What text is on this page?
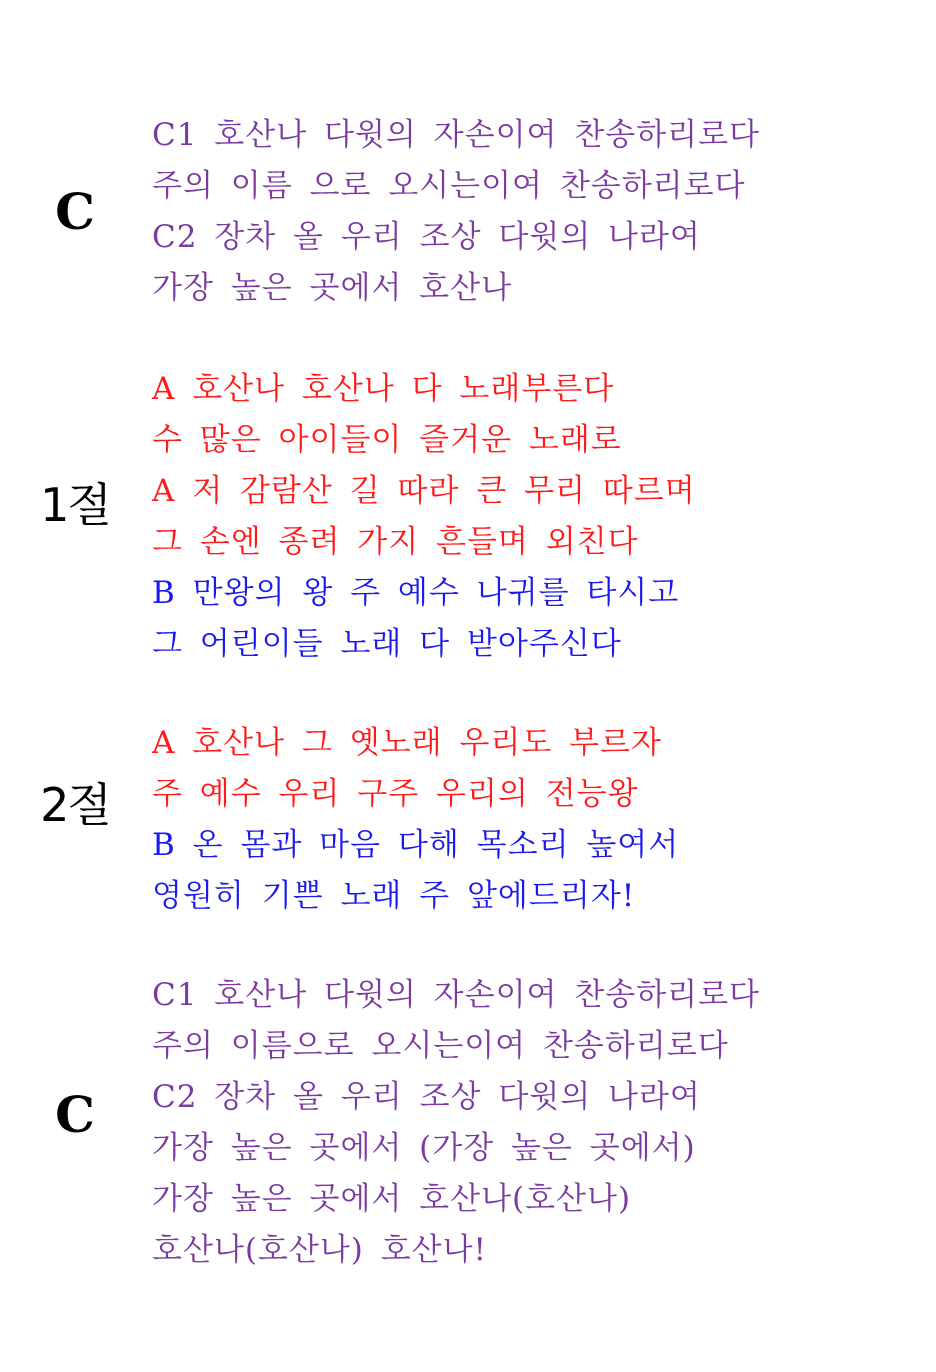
C
C1 호산나 다윗의 자손이여 찬송하리로다
주의 이름 으로 오시는이여 찬송하리로다
C2 장차 올 우리 조상 다윗의 나라여
가장 높은 곳에서 호산나
1절
A 호산나 호산나 다 노래부른다
수 많은 아이들이 즐거운 노래로
A 저 감람산 길 따라 큰 무리 따르며
그 손엔 종려 가지 흔들며 외친다
B 만왕의 왕 주 예수 나귀를 타시고
그 어린이들 노래 다 받아주신다
2절
A 호산나 그 옛노래 우리도 부르자
주 예수 우리 구주 우리의 전능왕
B 온 몸과 마음 다해 목소리 높여서
영원히 기쁜 노래 주 앞에드리자!
C
C1 호산나 다윗의 자손이여 찬송하리로다
주의 이름으로 오시는이여 찬송하리로다
C2 장차 올 우리 조상 다윗의 나라여
가장 높은 곳에서 (가장 높은 곳에서)
가장 높은 곳에서 호산나(호산나)
호산나(호산나) 호산나!
